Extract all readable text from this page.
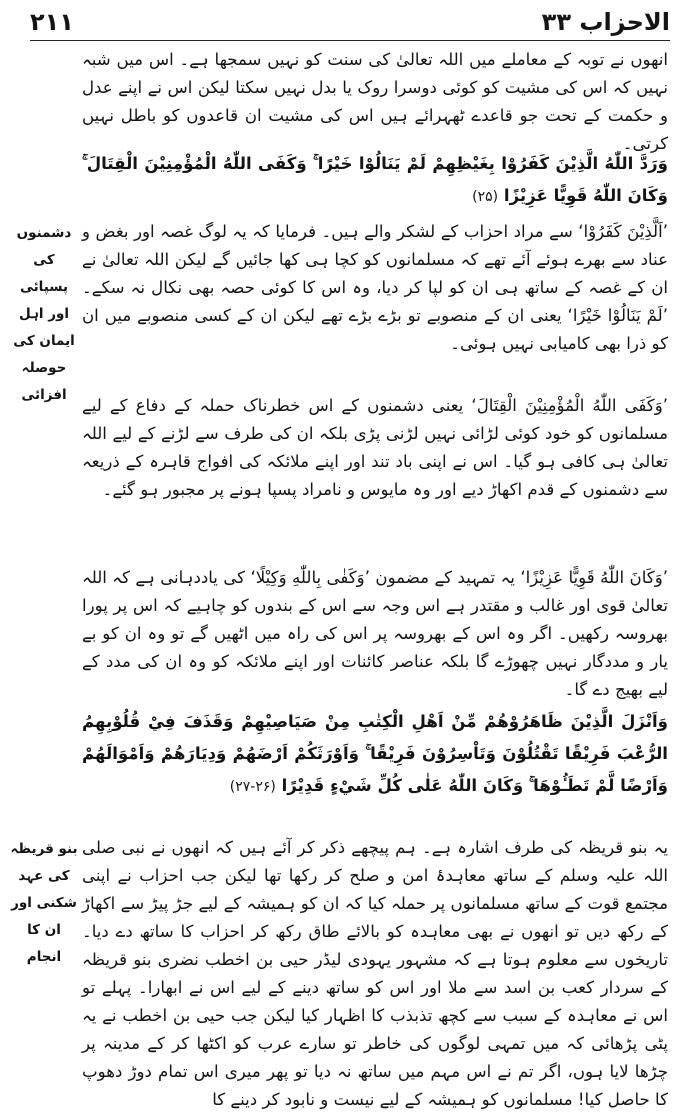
۲۱۱	الاحزاب ۳۳
انھوں نے توبہ کے معاملے میں اللہ تعالیٰ کی سنت کو نہیں سمجھا ہے۔ اس میں شبہ نہیں کہ اس کی مشیت کو کوئی دوسرا روک یا بدل نہیں سکتا لیکن اس نے اپنے عدل و حکمت کے تحت جو قاعدے ٹھہرائے ہیں اس کی مشیت ان قاعدوں کو باطل نہیں کرتی۔
وَرَدَّ اللّٰهُ الَّذِيْنَ كَفَرُوْا بِغَيْظِهِمْ لَمْ يَنَالُوْا خَيْرًا ۚ وَكَفَى اللّٰهُ الْمُؤْمِنِيْنَ الْقِتَالَ ۚ وَكَانَ اللّٰهُ قَوِيًّا عَزِيْزًا (۲۵)
دشمنوں کی پسپائی اور اہل ایمان کی حوصلہ افزائی
’اَلَّذِيْنَ كَفَرُوْا‘ سے مراد احزاب کے لشکر والے ہیں۔ فرمایا کہ یہ لوگ غصہ اور بغض و عناد سے بھرے ہوئے آئے تھے کہ مسلمانوں کو کچا ہی کھا جائیں گے لیکن اللہ تعالیٰ نے ان کے غصہ کے ساتھ ہی ان کو لپا کر دیا، وہ اس کا کوئی حصہ بھی نکال نہ سکے۔ ’لَمْ يَنَالُوْا خَيْرًا‘ یعنی ان کے منصوبے تو بڑے بڑے تھے لیکن ان کے کسی منصوبے میں ان کو ذرا بھی کامیابی نہیں ہوئی۔
’وَكَفَى اللّٰهُ الْمُؤْمِنِيْنَ الْقِتَالَ‘ یعنی دشمنوں کے اس خطرناک حملہ کے دفاع کے لیے مسلمانوں کو خود کوئی لڑائی نہیں لڑنی پڑی بلکہ ان کی طرف سے لڑنے کے لیے اللہ تعالیٰ ہی کافی ہو گیا۔ اس نے اپنی باد تند اور اپنے ملائکہ کی افواج قاہرہ کے ذریعہ سے دشمنوں کے قدم اکھاڑ دیے اور وہ مایوس و نامراد پسپا ہونے پر مجبور ہو گئے۔
’وَكَانَ اللّٰهُ قَوِيًّا عَزِيْزًا‘ یہ تمہید کے مضمون ’وَكَفٰى بِاللّٰهِ وَكِيْلًا‘ کی یاددہانی ہے کہ اللہ تعالیٰ قوی اور غالب و مقتدر ہے اس وجہ سے اس کے بندوں کو چاہیے کہ اس پر پورا بھروسہ رکھیں۔ اگر وہ اس کے بھروسہ پر اس کی راہ میں اٹھیں گے تو وہ ان کو بے یار و مددگار نہیں چھوڑے گا بلکہ عناصر کائنات اور اپنے ملائکہ کو وہ ان کی مدد کے لیے بھیج دے گا۔
وَاَنْزَلَ الَّذِيْنَ ظَاهَرُوْهُمْ مِّنْ اَهْلِ الْكِتٰبِ مِنْ صَيَاصِيْهِمْ وَقَذَفَ فِيْ قُلُوْبِهِمُ الرُّعْبَ فَرِيْقًا تَقْتُلُوْنَ وَتَاْسِرُوْنَ فَرِيْقًا ۚ وَاَوْرَثَكُمْ اَرْضَهُمْ وَدِيَارَهُمْ وَاَمْوَالَهُمْ وَاَرْضًا لَّمْ تَطَـُٔوْهَا ۚ وَكَانَ اللّٰهُ عَلٰى كُلِّ شَيْءٍ قَدِيْرًا (۲۶-۲۷)
بنو قریظہ کی عہد شکنی اور ان کا انجام
یہ بنو قریظہ کی طرف اشارہ ہے۔ ہم پیچھے ذکر کر آئے ہیں کہ انھوں نے نبی صلی اللہ علیہ وسلم کے ساتھ معاہدۂ امن و صلح کر رکھا تھا لیکن جب احزاب نے اپنی مجتمع قوت کے ساتھ مسلمانوں پر حملہ کیا کہ ان کو ہمیشہ کے لیے جڑ پیڑ سے اکھاڑ کے رکھ دیں تو انھوں نے بھی معاہدہ کو بالائے طاق رکھ کر احزاب کا ساتھ دے دیا۔ تاریخوں سے معلوم ہوتا ہے کہ مشہور یہودی لیڈر حیی بن اخطب نضری بنو قریظہ کے سردار کعب بن اسد سے ملا اور اس کو ساتھ دینے کے لیے اس نے ابھارا۔ پہلے تو اس نے معاہدہ کے سبب سے کچھ تذبذب کا اظہار کیا لیکن جب حیی بن اخطب نے یہ پٹی پڑھائی کہ میں تمہی لوگوں کی خاطر تو سارے عرب کو اکٹھا کر کے مدینہ پر چڑھا لایا ہوں، اگر تم نے اس مہم میں ساتھ نہ دیا تو پھر میری اس تمام دوڑ دھوپ کا حاصل کیا! مسلمانوں کو ہمیشہ کے لیے نیست و نابود کر دینے کا
